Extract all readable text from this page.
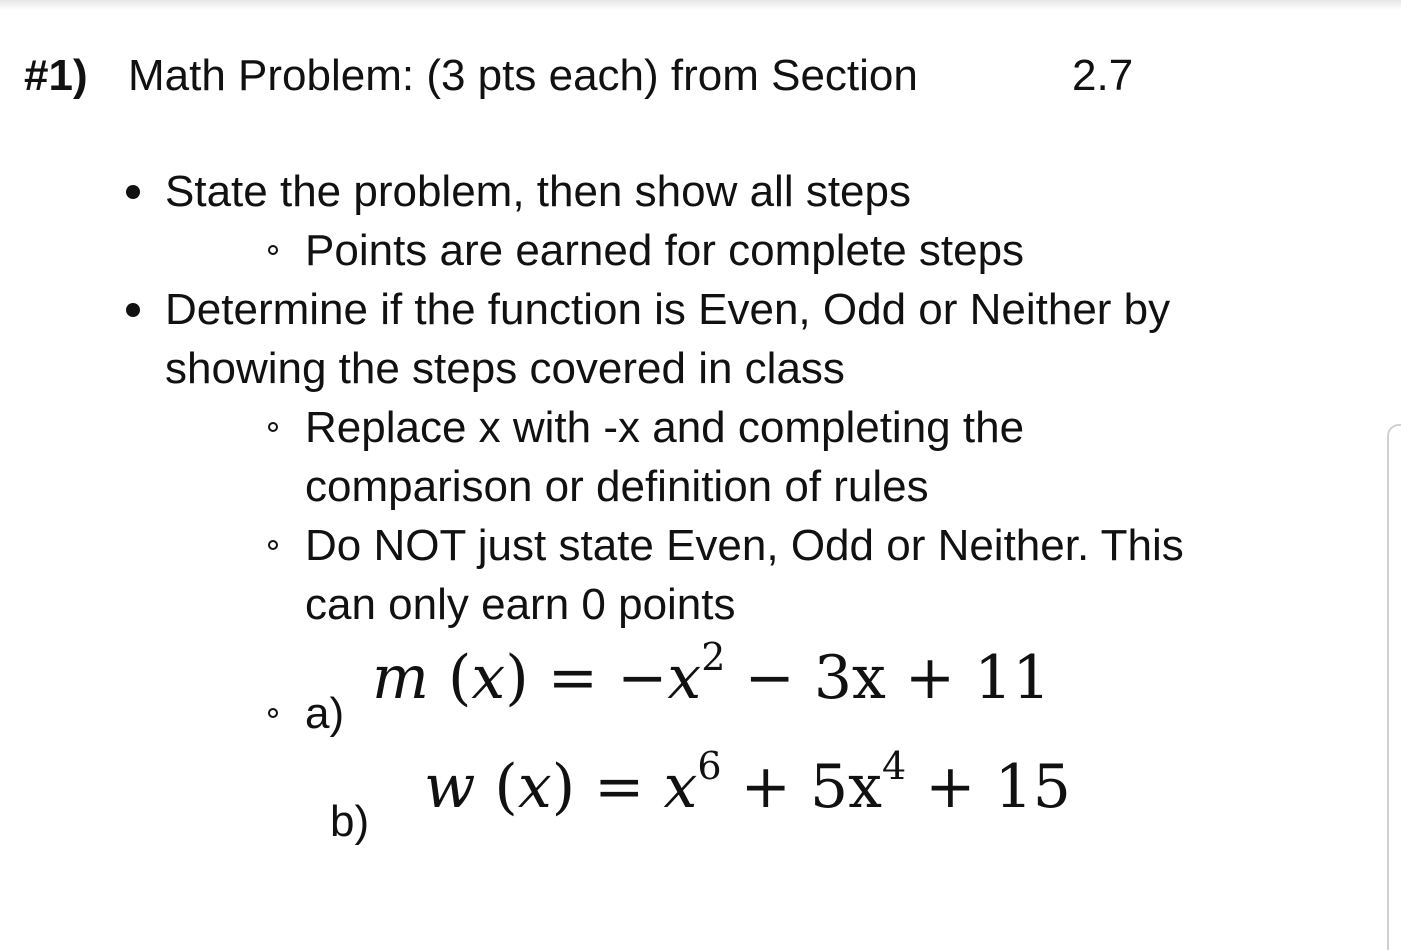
#1) Math Problem: (3 pts each) from Section	2.7
State the problem, then show all steps
Points are earned for complete steps
Determine if the function is Even, Odd or Neither by
showing the steps covered in class
Replace x with -x and completing the
comparison or definition of rules
Do NOT just state Even, Odd or Neither. This
can only earn 0 points
a)
m $(x) = -x^2 - 3x + 11$
b) w $(x) = x^6 + 5x^4 + 15$
